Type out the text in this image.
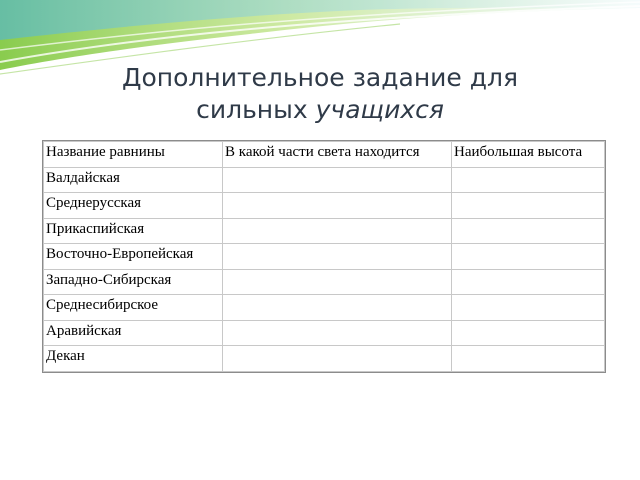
Дополнительное задание для
сильных учащихся
Название равнины	В какой части света находится	Наибольшая высота
Валдайская		
Среднерусская		
Прикаспийская		
Восточно-Европейская		
Западно-Сибирская		
Среднесибирское		
Аравийская		
Декан		
